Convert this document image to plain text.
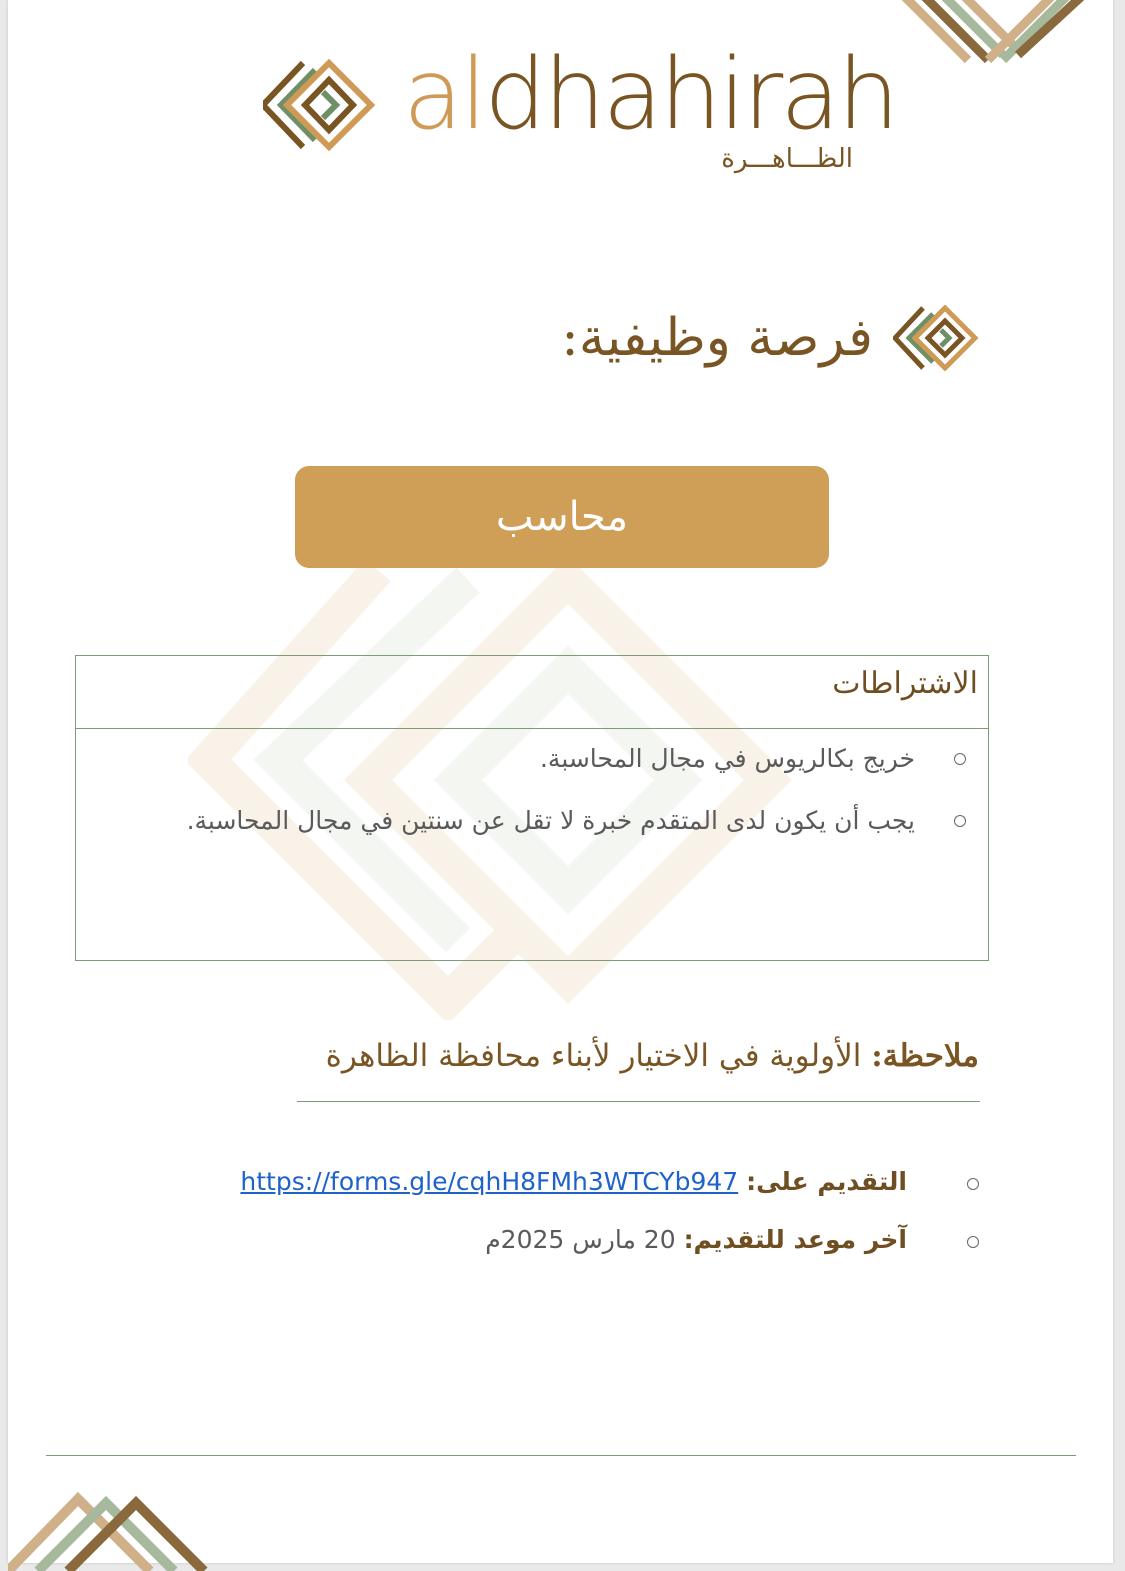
aldhahirah
الظـــاهـــرة
فرصة وظيفية:
محاسب
الاشتراطات
خريج بكالريوس في مجال المحاسبة.
يجب أن يكون لدى المتقدم خبرة لا تقل عن سنتين في مجال المحاسبة.
ملاحظة: الأولوية في الاختيار لأبناء محافظة الظاهرة
التقديم على: https://forms.gle/cqhH8FMh3WTCYb947
آخر موعد للتقديم: 20 مارس 2025م
